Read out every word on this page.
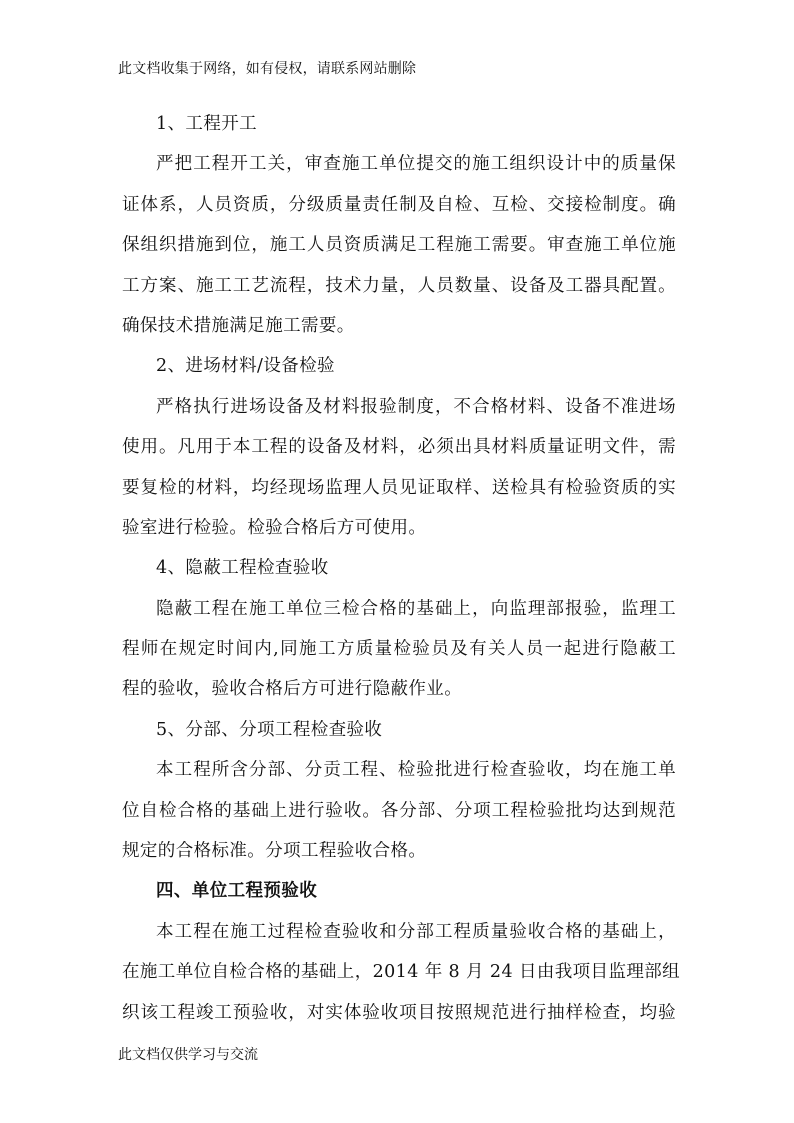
此文档收集于网络，如有侵权，请联系网站删除
1、工程开工
严把工程开工关，审查施工单位提交的施工组织设计中的质量保
证体系，人员资质，分级质量责任制及自检、互检、交接检制度。确
保组织措施到位，施工人员资质满足工程施工需要。审查施工单位施
工方案、施工工艺流程，技术力量，人员数量、设备及工器具配置。
确保技术措施满足施工需要。
2、进场材料/设备检验
严格执行进场设备及材料报验制度，不合格材料、设备不准进场
使用。凡用于本工程的设备及材料，必须出具材料质量证明文件，需
要复检的材料，均经现场监理人员见证取样、送检具有检验资质的实
验室进行检验。检验合格后方可使用。
4、隐蔽工程检查验收
隐蔽工程在施工单位三检合格的基础上，向监理部报验，监理工
程师在规定时间内,同施工方质量检验员及有关人员一起进行隐蔽工
程的验收，验收合格后方可进行隐蔽作业。
5、分部、分项工程检查验收
本工程所含分部、分贡工程、检验批进行检查验收，均在施工单
位自检合格的基础上进行验收。各分部、分项工程检验批均达到规范
规定的合格标准。分项工程验收合格。
四、单位工程预验收
本工程在施工过程检查验收和分部工程质量验收合格的基础上，
在施工单位自检合格的基础上，2014 年 8 月 24 日由我项目监理部组
织该工程竣工预验收，对实体验收项目按照规范进行抽样检查，均验
此文档仅供学习与交流
